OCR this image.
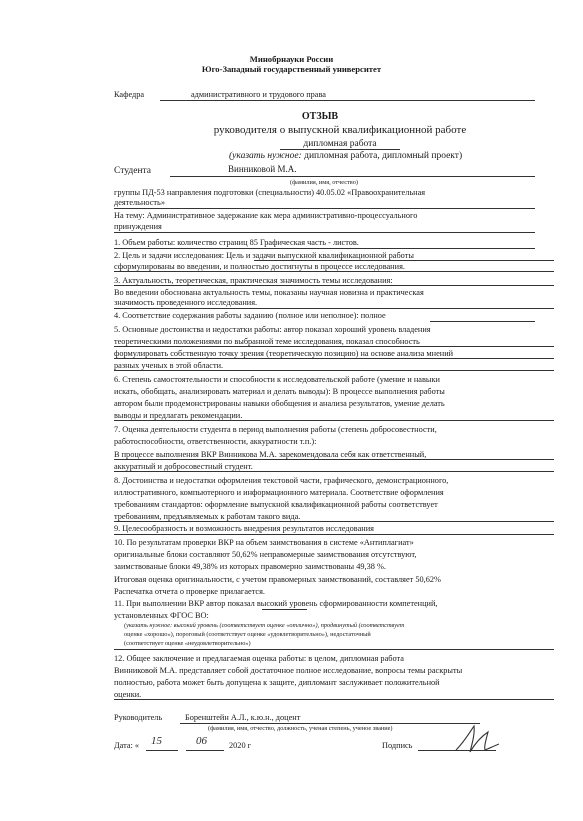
Минобрнауки России
Юго-Западный государственный университет
Кафедра	административного и трудового права
ОТЗЫВ
руководителя о выпускной квалификационной работе
дипломная работа
(указать нужное: дипломная работа, дипломный проект)
Студента	Винниковой М.А.
(фамилия, имя, отчество)
группы ПД-53 направления подготовки (специальности) 40.05.02 «Правоохранительная
деятельность»
На тему: Административное задержание как мера административно-процессуального
принуждения
1. Объем работы: количество страниц 85 Графическая часть - листов.
2. Цель и задачи исследования: Цель и задачи выпускной квалификационной работы
сформулированы во введении, и полностью достигнуты в процессе исследования.
3. Актуальность, теоретическая, практическая значимость темы исследования:
Во введении обоснована актуальность темы, показаны научная новизна и практическая
значимость проведенного исследования.
4. Соответствие содержания работы заданию (полное или неполное): полное
5. Основные достоинства и недостатки работы: автор показал хороший уровень владения
теоретическими положениями по выбранной теме исследования, показал способность
формулировать собственную точку зрения (теоретическую позицию) на основе анализа мнений
разных ученых в этой области.
6. Степень самостоятельности и способности к исследовательской работе (умение и навыки
искать, обобщать, анализировать материал и делать выводы): В процессе выполнения работы
автором были продемонстрированы навыки обобщения и анализа результатов, умение делать
выводы и предлагать рекомендации.
7. Оценка деятельности студента в период выполнения работы (степень добросовестности,
работоспособности, ответственности, аккуратности т.п.):
В процессе выполнения ВКР Винникова М.А. зарекомендовала себя как ответственный,
аккуратный и добросовестный студент.
8. Достоинства и недостатки оформления текстовой части, графического, демонстрационного,
иллюстративного, компьютерного и информационного материала. Соответствие оформления
требованиям стандартов: оформление выпускной квалификационной работы соответствует
требованиям, предъявляемых к работам такого вида.
9. Целесообразность и возможность внедрения результатов исследования
10. По результатам проверки ВКР на объем заимствования в системе «Антиплагиат»
оригинальные блоки составляют 50,62% неправомерные заимствования отсутствуют,
заимствованые блоки 49,38% из которых правомерно заимствованы 49,38 %.
Итоговая оценка оригинальности, с учетом правомерных заимствований, составляет 50,62%
Распечатка отчета о проверке прилагается.
11. При выполнении ВКР автор показал высокий уровень сформированности компетенций,
установленных ФГОС ВО:
(указать нужное: высокий уровень (соответствует оценке «отлично»), продвинутый (соответствует
оценке «хорошо»), пороговый (соответствует оценке «удовлетворительно»), недостаточный
(соответствует оценке «неудовлетворительно»)
12. Общее заключение и предлагаемая оценка работы: в целом, дипломная работа
Винниковой М.А. представляет собой достаточное полное исследование, вопросы темы раскрыты
полностью, работа может быть допущена к защите, дипломант заслуживает положительной
оценки.
Руководитель	Боренштейн А.Л., к.ю.н., доцент
(фамилия, имя, отчество, должность, ученая степень, ученое звание)
Дата: « 15	06	2020 г	Подпись
